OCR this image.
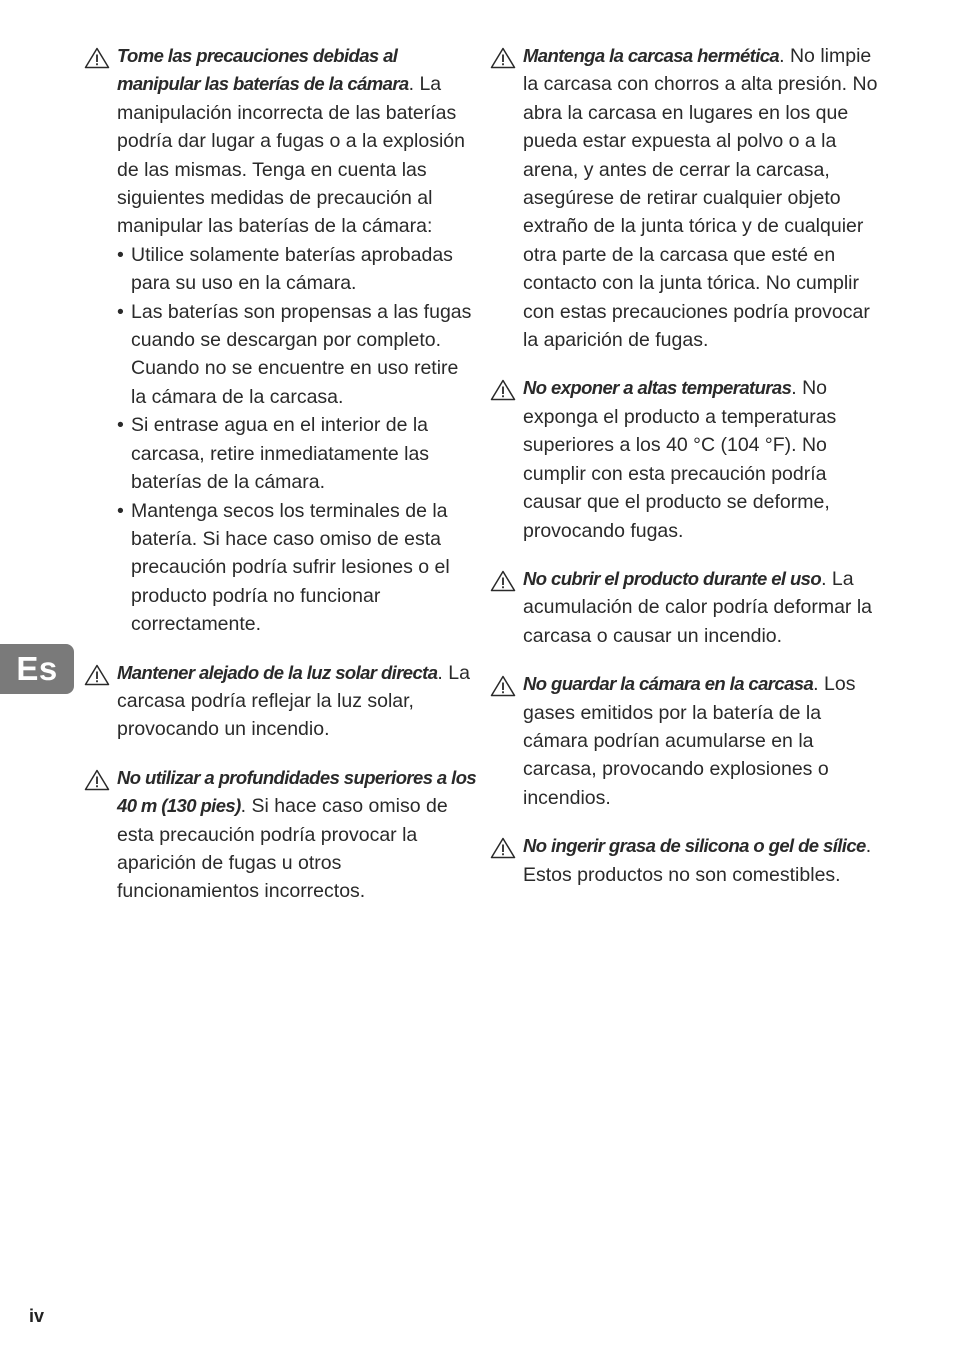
Tome las precauciones debidas al manipular las baterías de la cámara. La manipulación incorrecta de las baterías podría dar lugar a fugas o a la explosión de las mismas. Tenga en cuenta las siguientes medidas de precaución al manipular las baterías de la cámara:
• Utilice solamente baterías aprobadas para su uso en la cámara.
• Las baterías son propensas a las fugas cuando se descargan por completo. Cuando no se encuentre en uso retire la cámara de la carcasa.
• Si entrase agua en el interior de la carcasa, retire inmediatamente las baterías de la cámara.
• Mantenga secos los terminales de la batería. Si hace caso omiso de esta precaución podría sufrir lesiones o el producto podría no funcionar correctamente.
Mantener alejado de la luz solar directa. La carcasa podría reflejar la luz solar, provocando un incendio.
No utilizar a profundidades superiores a los 40 m (130 pies). Si hace caso omiso de esta precaución podría provocar la aparición de fugas u otros funcionamientos incorrectos.
Mantenga la carcasa hermética. No limpie la carcasa con chorros a alta presión. No abra la carcasa en lugares en los que pueda estar expuesta al polvo o a la arena, y antes de cerrar la carcasa, asegúrese de retirar cualquier objeto extraño de la junta tórica y de cualquier otra parte de la carcasa que esté en contacto con la junta tórica. No cumplir con estas precauciones podría provocar la aparición de fugas.
No exponer a altas temperaturas. No exponga el producto a temperaturas superiores a los 40 °C (104 °F). No cumplir con esta precaución podría causar que el producto se deforme, provocando fugas.
No cubrir el producto durante el uso. La acumulación de calor podría deformar la carcasa o causar un incendio.
No guardar la cámara en la carcasa. Los gases emitidos por la batería de la cámara podrían acumularse en la carcasa, provocando explosiones o incendios.
No ingerir grasa de silicona o gel de sílice. Estos productos no son comestibles.
Es
iv
